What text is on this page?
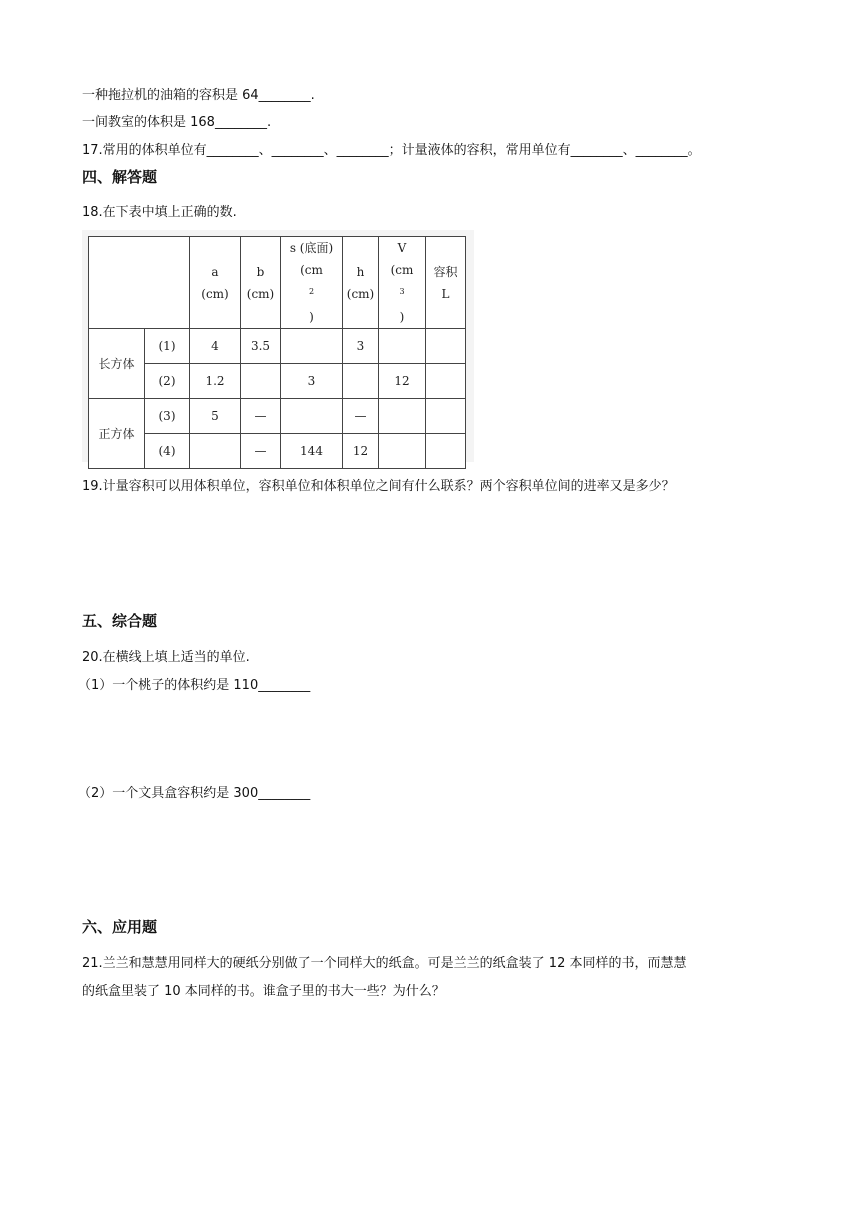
一种拖拉机的油箱的容积是 64________.
一间教室的体积是 168________.
17.常用的体积单位有________、________、________；计量液体的容积，常用单位有________、________。
四、解答题
18.在下表中填上正确的数.

		a
(cm)	b
(cm)	s (底面)
(cm
$^2$
)	h
(cm)	V
(cm
$^3$
)	容积
L

长方体	(1)	4	3.5		3		
	(2)	1.2		3		12	
正方体	(3)	5	—		—		
	(4)		—	144	12		
19.计量容积可以用体积单位，容积单位和体积单位之间有什么联系？两个容积单位间的进率又是多少？
五、综合题
20.在横线上填上适当的单位.
（1）一个桃子的体积约是 110________
（2）一个文具盒容积约是 300________
六、应用题
21.兰兰和慧慧用同样大的硬纸分别做了一个同样大的纸盒。可是兰兰的纸盒装了 12 本同样的书，而慧慧
的纸盒里装了 10 本同样的书。谁盒子里的书大一些？为什么？
